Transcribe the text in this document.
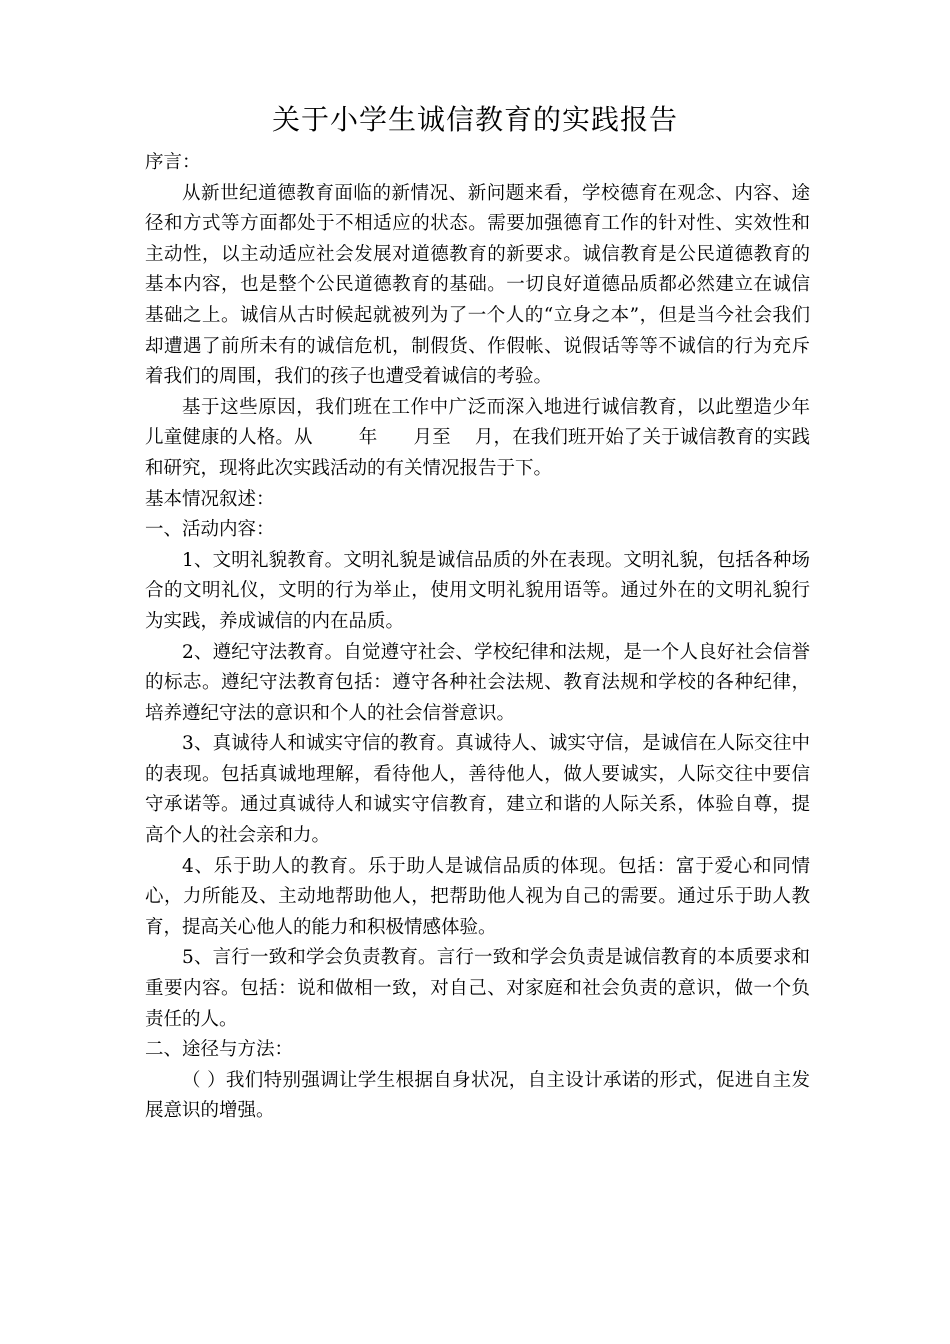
关于小学生诚信教育的实践报告

序言：

从新世纪道德教育面临的新情况、新问题来看，学校德育在观念、内容、途径和方式等方面都处于不相适应的状态。需要加强德育工作的针对性、实效性和主动性，以主动适应社会发展对道德教育的新要求。诚信教育是公民道德教育的基本内容，也是整个公民道德教育的基础。一切良好道德品质都必然建立在诚信基础之上。诚信从古时候起就被列为了一个人的“立身之本”，但是当今社会我们却遭遇了前所未有的诚信危机，制假货、作假帐、说假话等等不诚信的行为充斥着我们的周围，我们的孩子也遭受着诚信的考验。

基于这些原因，我们班在工作中广泛而深入地进行诚信教育，以此塑造少年儿童健康的人格。从 年 月至 月，在我们班开始了关于诚信教育的实践和研究，现将此次实践活动的有关情况报告于下。

基本情况叙述：

一、活动内容：

1、文明礼貌教育。文明礼貌是诚信品质的外在表现。文明礼貌，包括各种场合的文明礼仪，文明的行为举止，使用文明礼貌用语等。通过外在的文明礼貌行为实践，养成诚信的内在品质。

2、遵纪守法教育。自觉遵守社会、学校纪律和法规，是一个人良好社会信誉的标志。遵纪守法教育包括：遵守各种社会法规、教育法规和学校的各种纪律，培养遵纪守法的意识和个人的社会信誉意识。

3、真诚待人和诚实守信的教育。真诚待人、诚实守信，是诚信在人际交往中的表现。包括真诚地理解，看待他人，善待他人，做人要诚实，人际交往中要信守承诺等。通过真诚待人和诚实守信教育，建立和谐的人际关系，体验自尊，提高个人的社会亲和力。

4、乐于助人的教育。乐于助人是诚信品质的体现。包括：富于爱心和同情心，力所能及、主动地帮助他人，把帮助他人视为自己的需要。通过乐于助人教育，提高关心他人的能力和积极情感体验。

5、言行一致和学会负责教育。言行一致和学会负责是诚信教育的本质要求和重要内容。包括：说和做相一致，对自己、对家庭和社会负责的意识，做一个负责任的人。

二、途径与方法：

（ ）我们特别强调让学生根据自身状况，自主设计承诺的形式，促进自主发展意识的增强。
